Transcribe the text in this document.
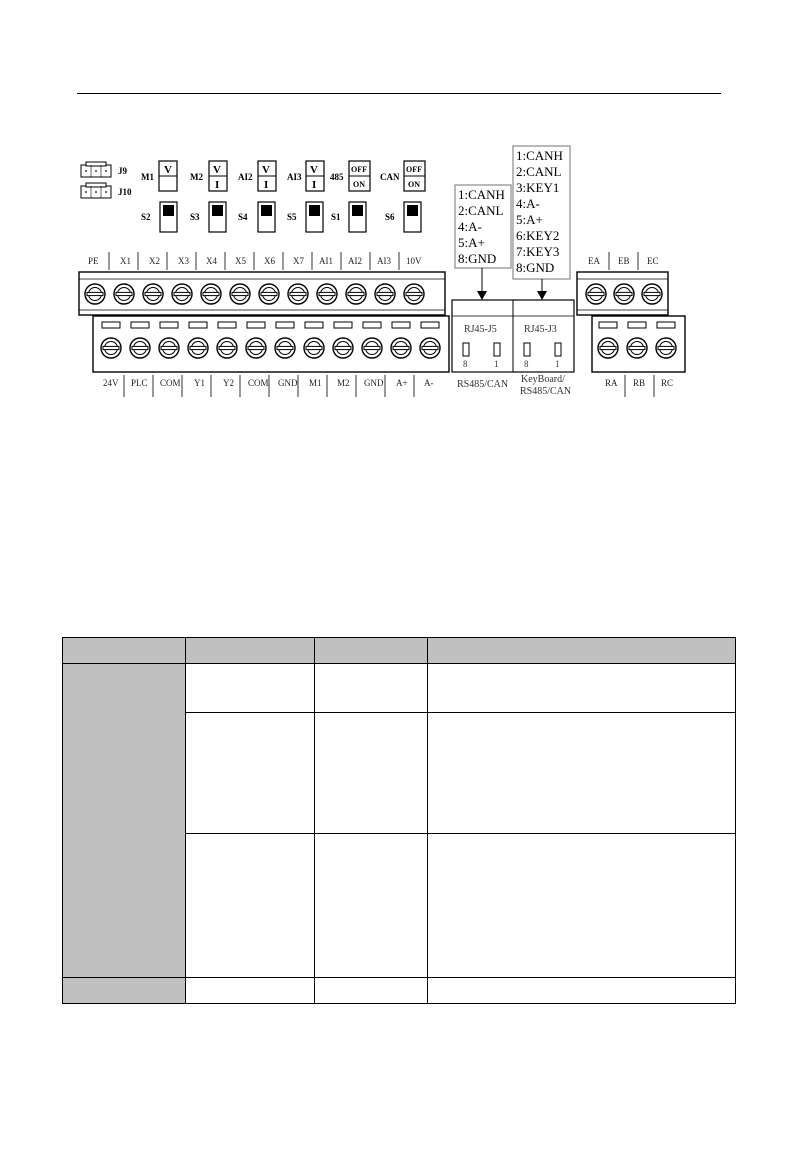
J9
J10
M1
V
M2
V
I
AI2
V
I
AI3
V
I
485
OFF
ON
CAN
OFF
ON
S2	S3	S4	S5	S1	S6
PE X1 X2 X3 X4 X5 X6 X7 AI1 AI2 AI3 10V
24V PLC COM Y1 Y2 COM GND M1 M2 GND A+ A-
1:CANH
2:CANL
4:A-
5:A+
8:GND
1:CANH
2:CANL
3:KEY1
4:A-
5:A+
6:KEY2
7:KEY3
8:GND
RJ45-J5
8	1
RJ45-J3
8	1
RS485/CAN KeyBoard/
RS485/CAN
EA EB EC
RA RB RC
